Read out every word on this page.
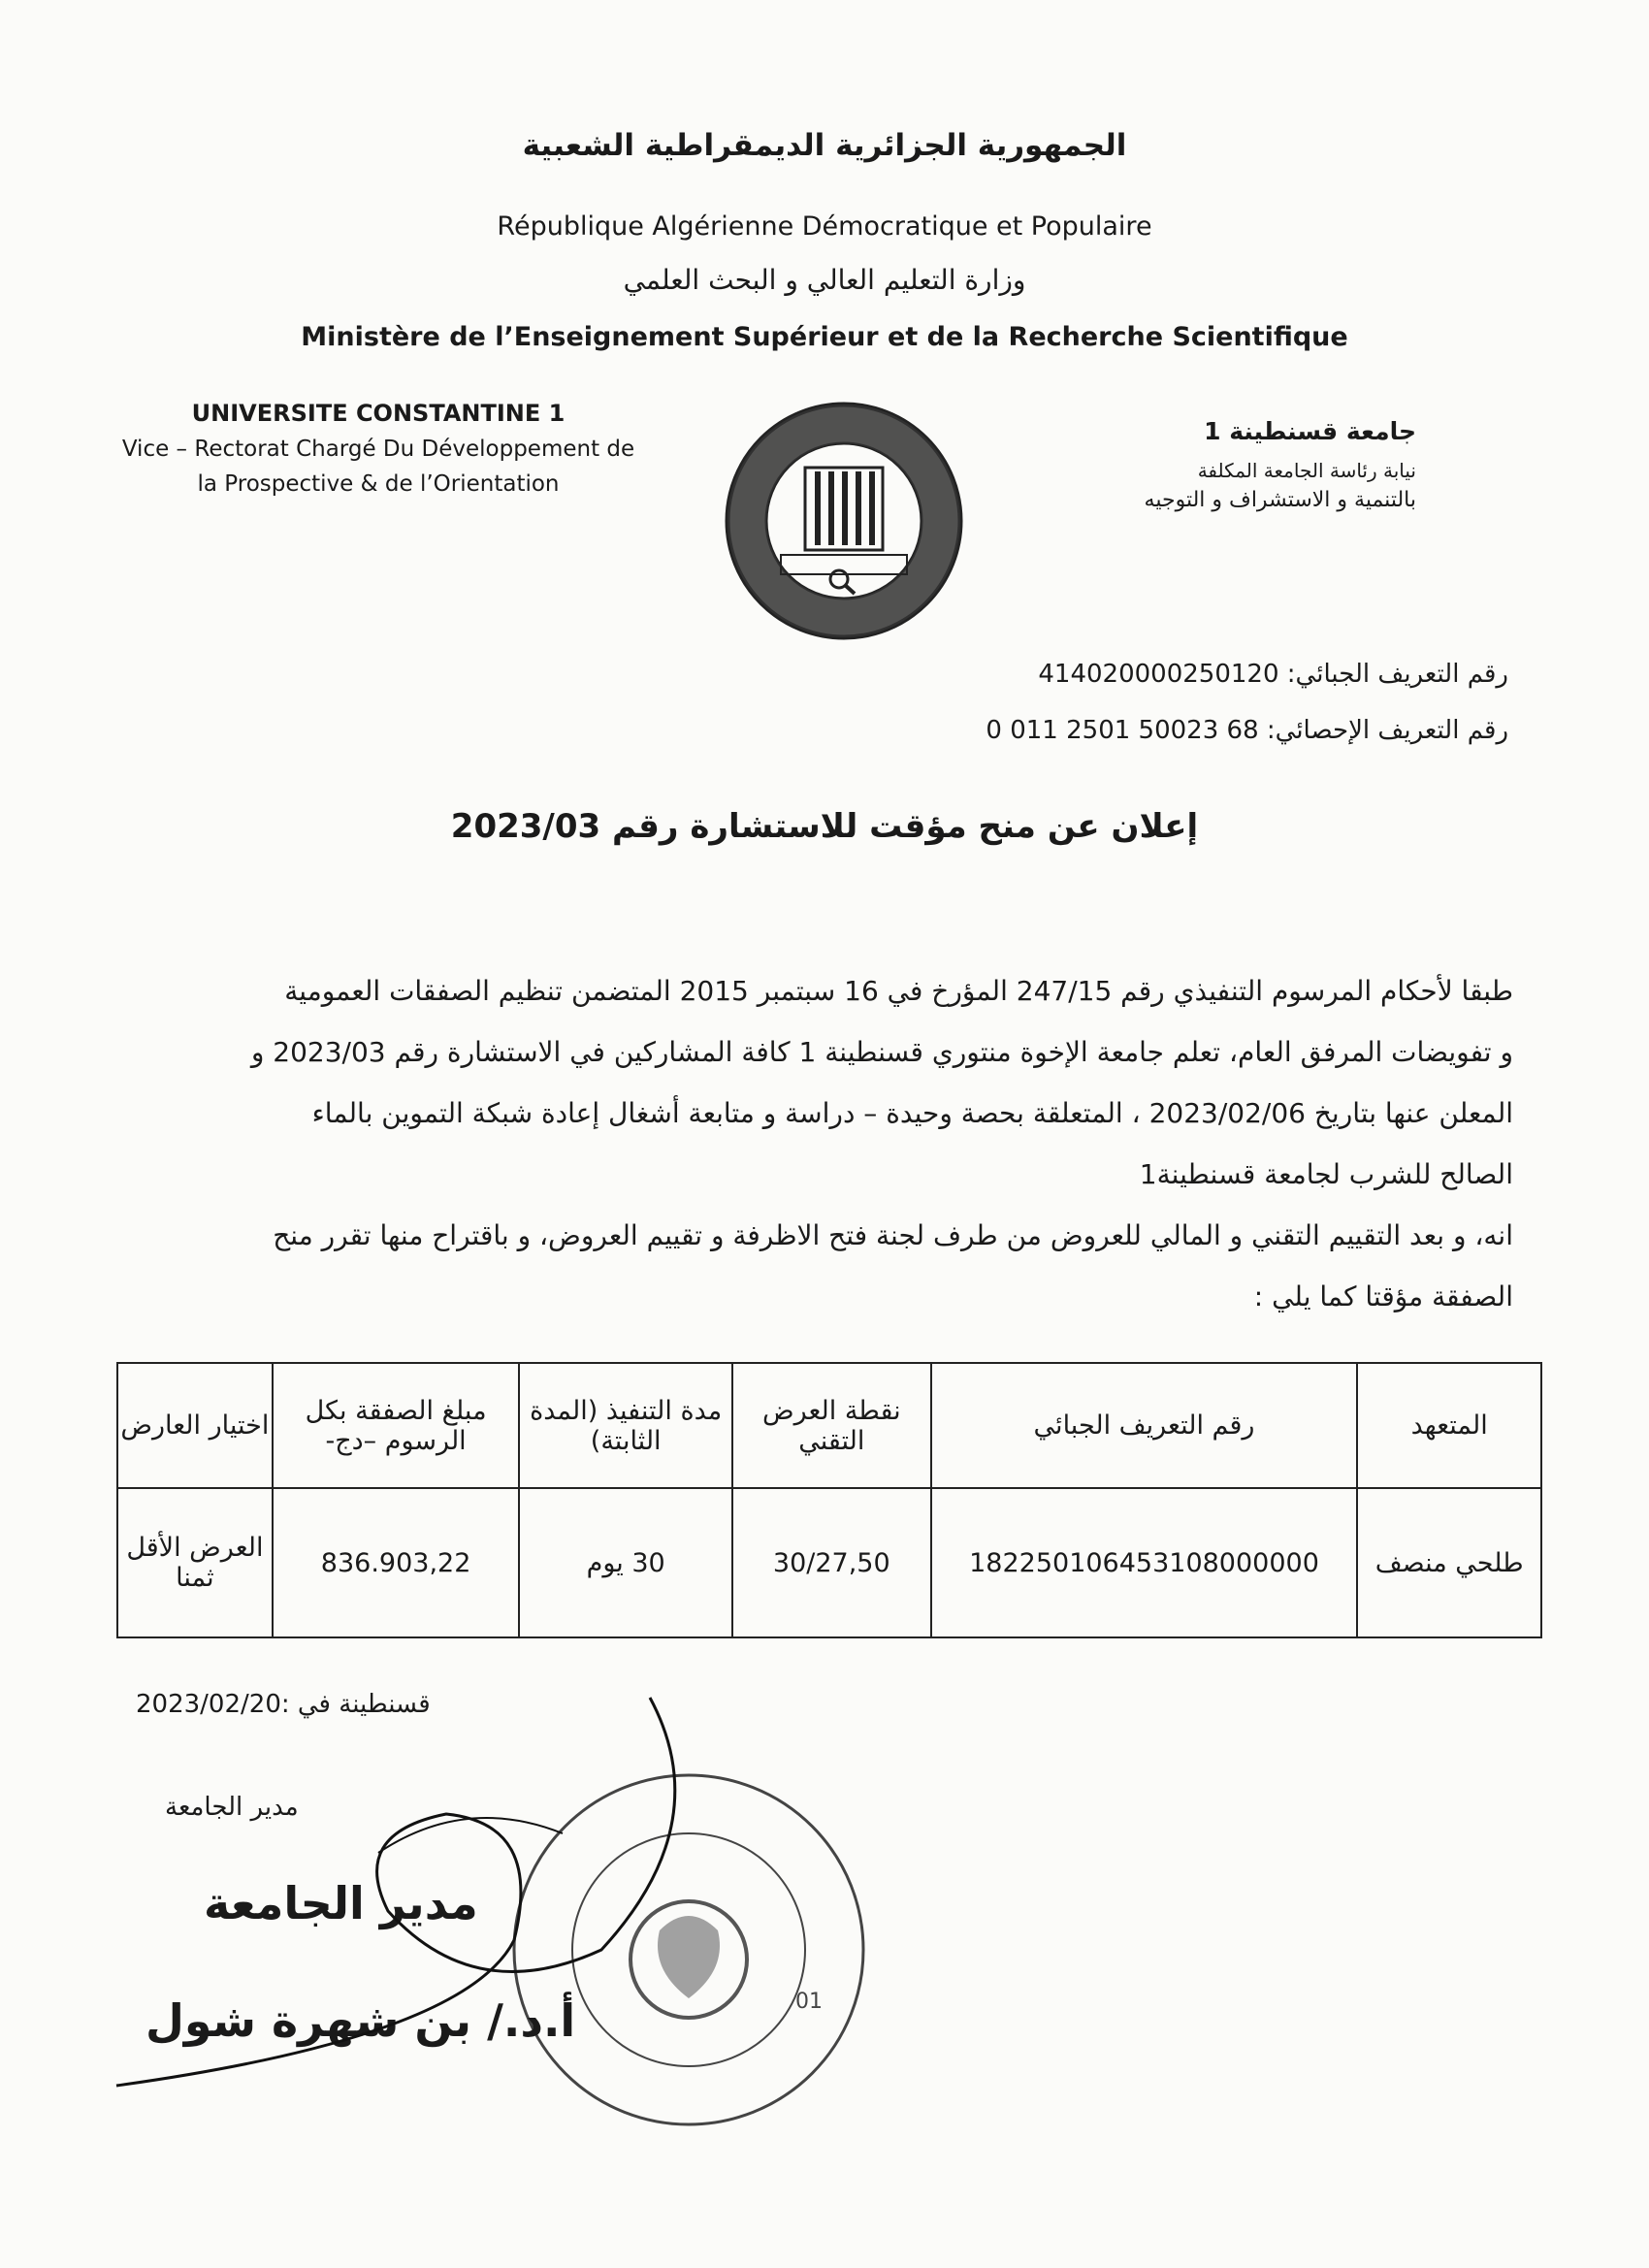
الجمهورية الجزائرية الديمقراطية الشعبية
République Algérienne Démocratique et Populaire
وزارة التعليم العالي و البحث العلمي
Ministère de l’Enseignement Supérieur et de la Recherche Scientifique
UNIVERSITE CONSTANTINE 1
Vice – Rectorat Chargé Du Développement de
la Prospective & de l’Orientation
جامعة قسنطينة 1
نيابة رئاسة الجامعة المكلفة
بالتنمية و الاستشراف و التوجيه
رقم التعريف الجبائي: 414020000250120
رقم التعريف الإحصائي: 68 50023 2501 011 0
إعلان عن منح مؤقت للاستشارة رقم 2023/03

طبقا لأحكام المرسوم التنفيذي رقم 247/15 المؤرخ في 16 سبتمبر 2015 المتضمن تنظيم الصفقات العمومية

و تفويضات المرفق العام، تعلم جامعة الإخوة منتوري قسنطينة 1 كافة المشاركين في الاستشارة رقم 2023/03 و

المعلن عنها بتاريخ 2023/02/06 ، المتعلقة بحصة وحيدة – دراسة و متابعة أشغال إعادة شبكة التموين بالماء

الصالح للشرب لجامعة قسنطينة1

انه، و بعد التقييم التقني و المالي للعروض من طرف لجنة فتح الاظرفة و تقييم العروض، و باقتراح منها تقرر منح

الصفقة مؤقتا كما يلي :

المتعهد	رقم التعريف الجبائي	نقطة العرض التقني	مدة التنفيذ (المدة الثابتة)	مبلغ الصفقة بكل الرسوم –دج-	اختيار العارض
طلحي منصف	182250106453108000000	30/27,50	30 يوم	836.903,22	العرض الأقل ثمنا
قسنطينة في :2023/02/20
مدير الجامعة
01
مدير الجامعة
أ.د./ بن شهرة شول
